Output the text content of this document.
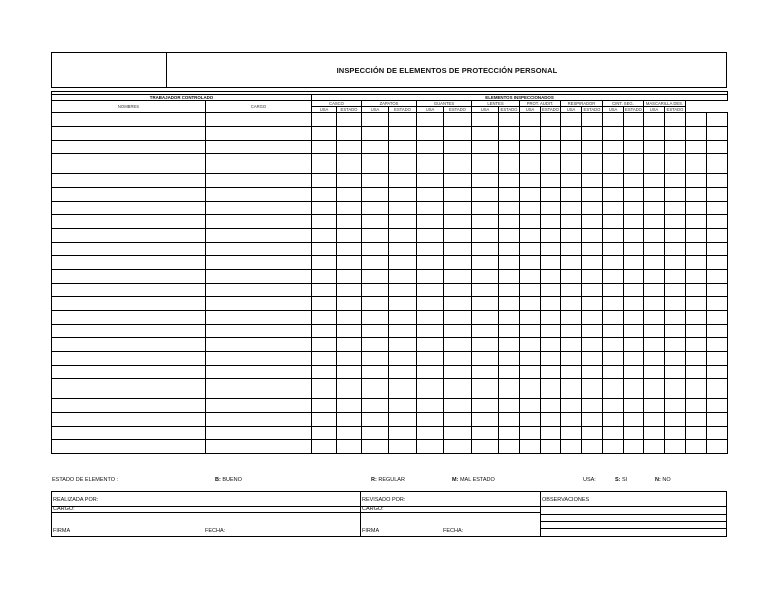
INSPECCIÓN DE ELEMENTOS DE PROTECCIÓN PERSONAL

TRABAJADOR CONTROLADO		ELEMENTOS INSPECCIONADOS																	
NOMBRES	CARGO	CASCO		ZAPATOS		GUANTES		LENTES		PROT. AUDIT.		RESPIRADOR		CINT. SEG.		MASCARILLA DES.			
		USA	ESTADO	USA	ESTADO	USA	ESTADO	USA	ESTADO	USA	ESTADO	USA	ESTADO	USA	ESTADO	USA	ESTADO		

ESTADO DE ELEMENTO :	B: BUENO	R: REGULAR	M: MAL ESTADO	USA:	S: SI	N: NO
REALIZADA POR:	REVISADO POR:	OBSERVACIONES
CARGO:	CARGO:
FIRMA	FECHA:	FIRMA	FECHA:
